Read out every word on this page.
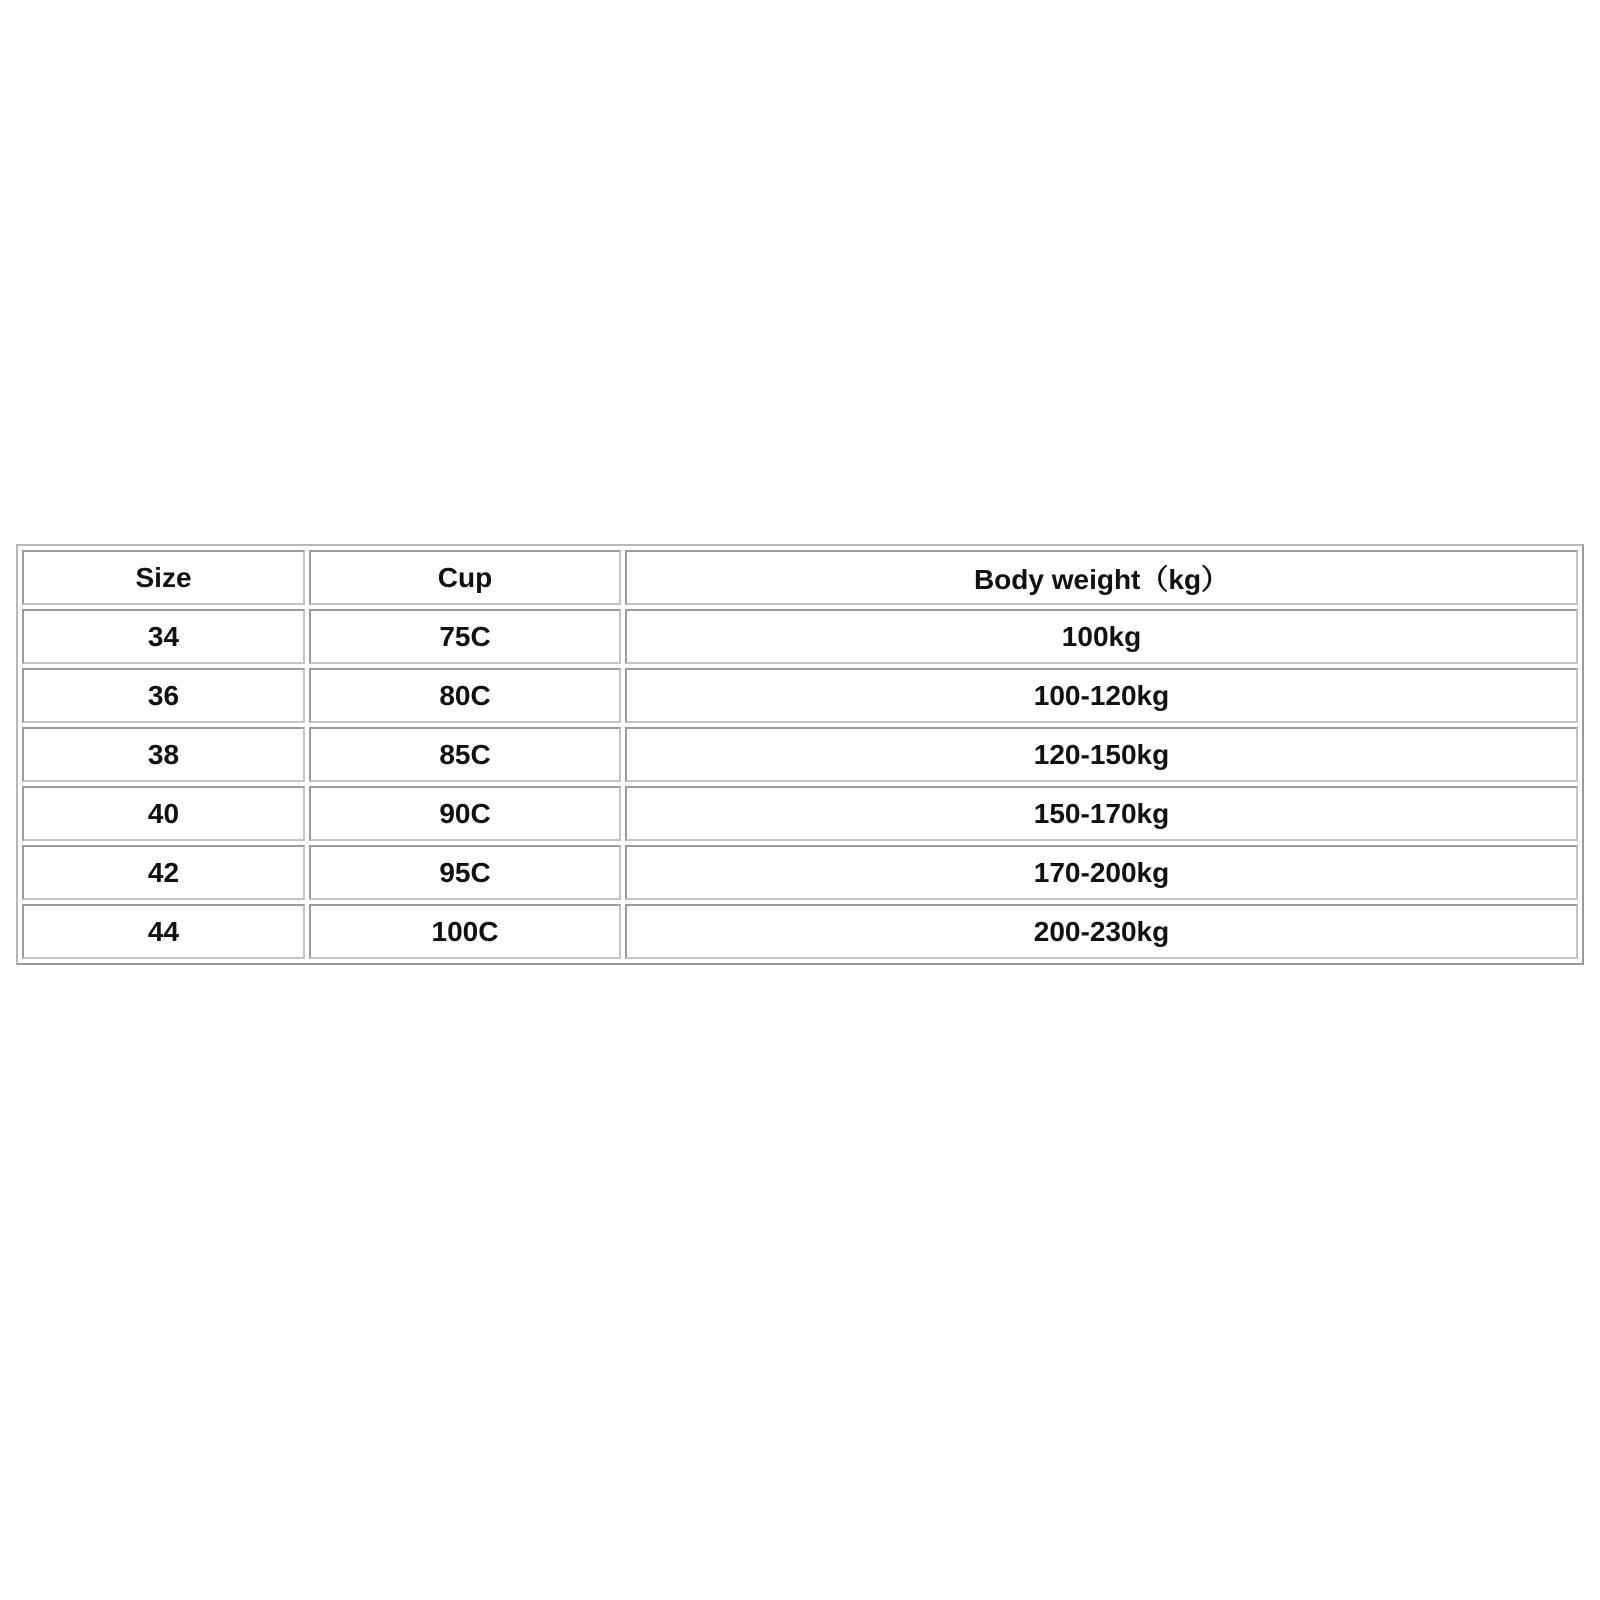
Size	Cup	Body weight（kg）
34	75C	100kg
36	80C	100-120kg
38	85C	120-150kg
40	90C	150-170kg
42	95C	170-200kg
44	100C	200-230kg
